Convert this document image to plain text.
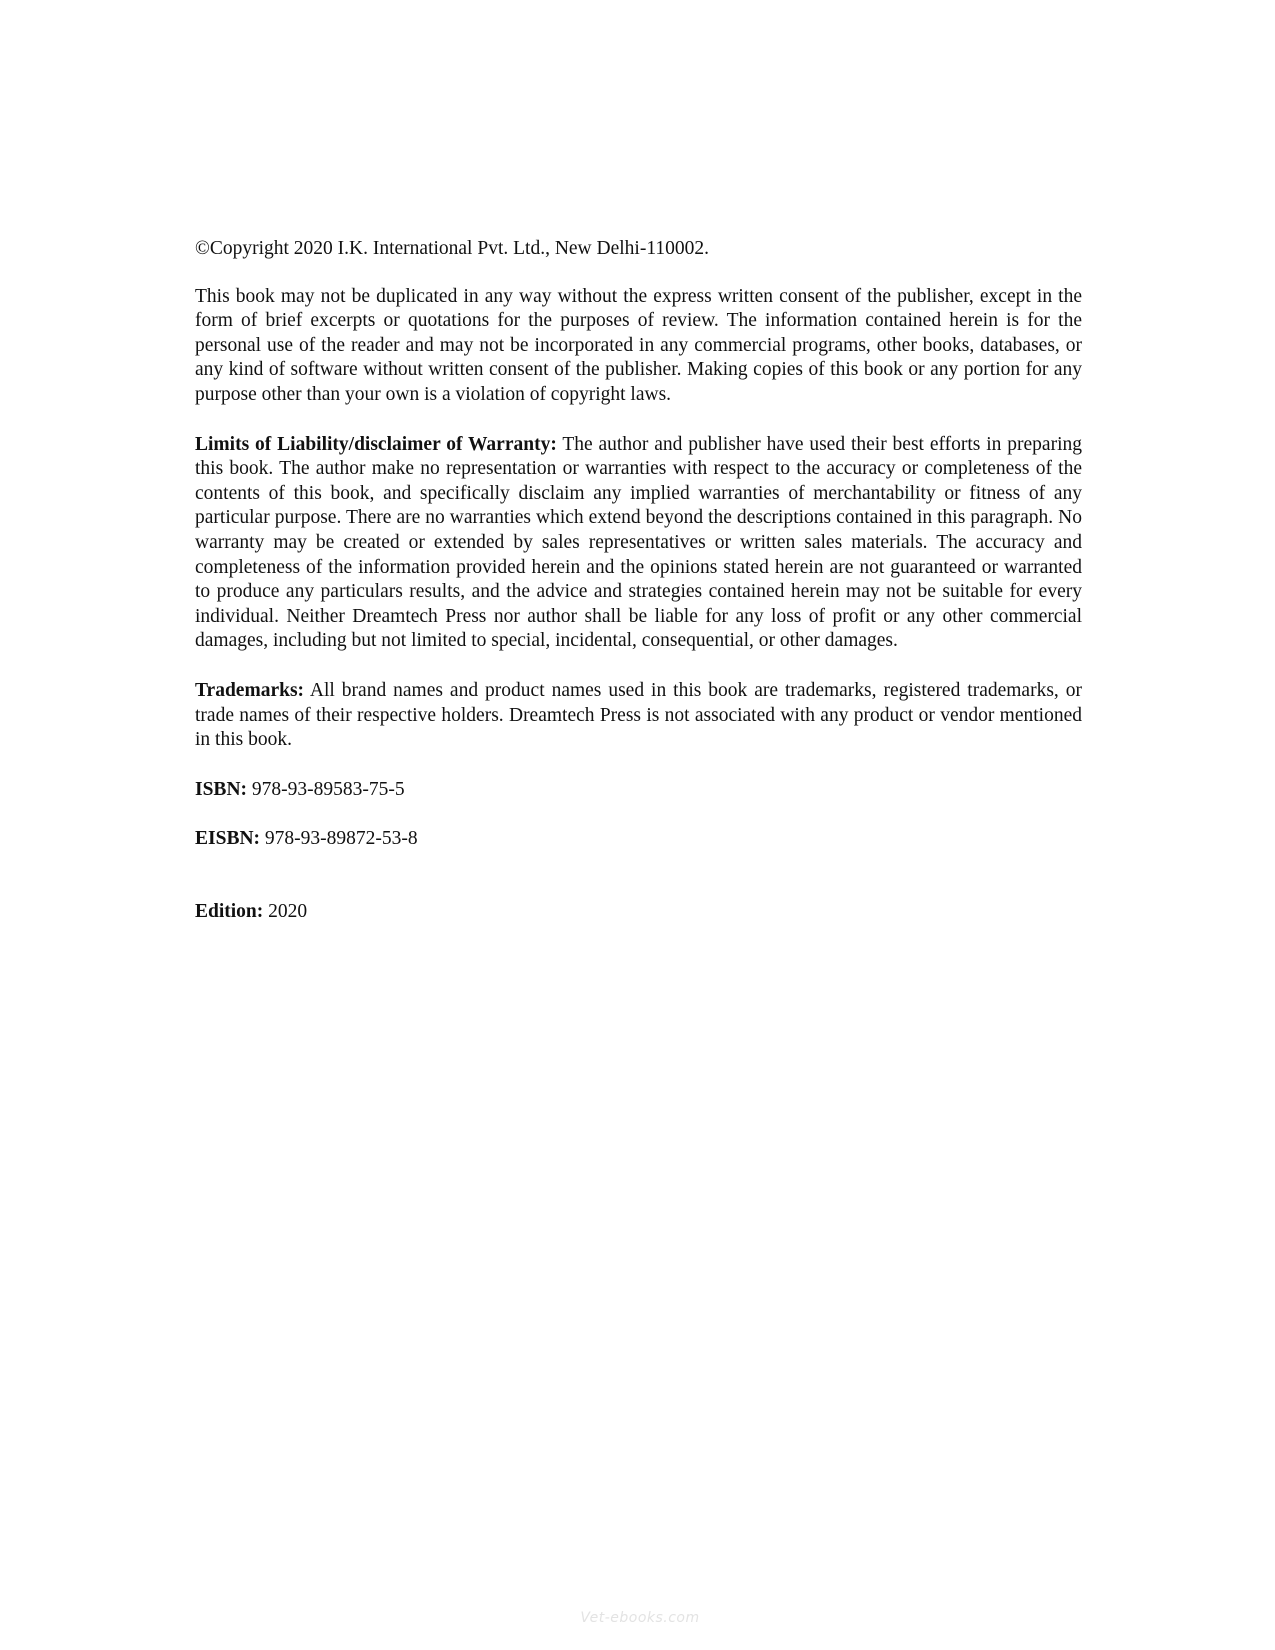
©Copyright 2020 I.K. International Pvt. Ltd., New Delhi-110002.

This book may not be duplicated in any way without the express written consent of the publisher, except in the form of brief excerpts or quotations for the purposes of review. The information contained herein is for the personal use of the reader and may not be incorporated in any commercial programs, other books, databases, or any kind of software without written consent of the publisher. Making copies of this book or any portion for any purpose other than your own is a violation of copyright laws.

Limits of Liability/disclaimer of Warranty: The author and publisher have used their best efforts in preparing this book. The author make no representation or warranties with respect to the accuracy or completeness of the contents of this book, and specifically disclaim any implied warranties of merchantability or fitness of any particular purpose. There are no warranties which extend beyond the descriptions contained in this paragraph. No warranty may be created or extended by sales representatives or written sales materials. The accuracy and completeness of the information provided herein and the opinions stated herein are not guaranteed or warranted to produce any particulars results, and the advice and strategies contained herein may not be suitable for every individual. Neither Dreamtech Press nor author shall be liable for any loss of profit or any other commercial damages, including but not limited to special, incidental, consequential, or other damages.

Trademarks: All brand names and product names used in this book are trademarks, registered trademarks, or trade names of their respective holders. Dreamtech Press is not associated with any product or vendor mentioned in this book.

ISBN: 978-93-89583-75-5

EISBN: 978-93-89872-53-8

Edition: 2020

Vet-ebooks.com
